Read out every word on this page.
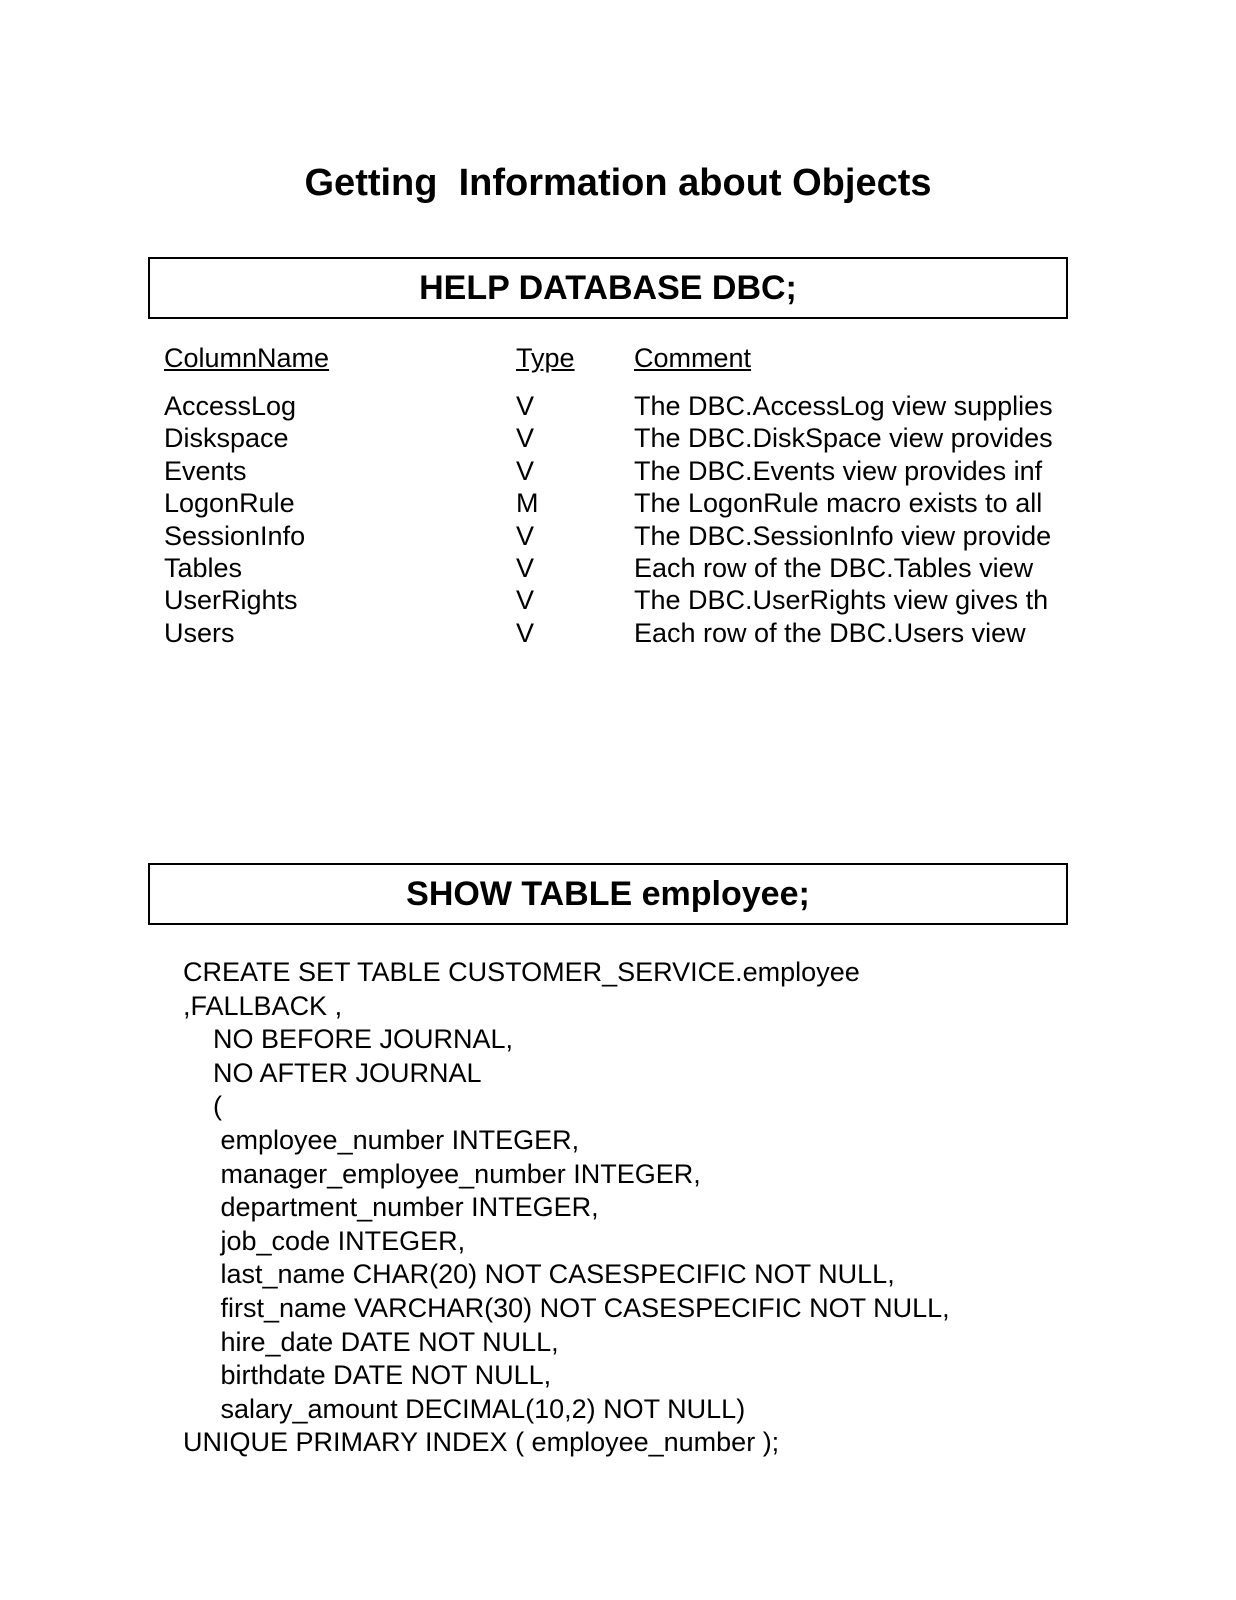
Getting  Information about Objects
HELP DATABASE DBC;
ColumnName	Type Comment
AccessLog
Diskspace
Events
LogonRule
SessionInfo
Tables
UserRights
Users
V
V
V
M
V
V
V
V
The DBC.AccessLog view supplies
The DBC.DiskSpace view provides
The DBC.Events view provides inf
The LogonRule macro exists to all
The DBC.SessionInfo view provide
Each row of the DBC.Tables view
The DBC.UserRights view gives th
Each row of the DBC.Users view
SHOW TABLE employee;
CREATE SET TABLE CUSTOMER_SERVICE.employee
,FALLBACK ,
NO BEFORE JOURNAL,
NO AFTER JOURNAL
(
employee_number INTEGER,
manager_employee_number INTEGER,
department_number INTEGER,
job_code INTEGER,
last_name CHAR(20) NOT CASESPECIFIC NOT NULL,
first_name VARCHAR(30) NOT CASESPECIFIC NOT NULL,
hire_date DATE NOT NULL,
birthdate DATE NOT NULL,
salary_amount DECIMAL(10,2) NOT NULL)
UNIQUE PRIMARY INDEX ( employee_number );
